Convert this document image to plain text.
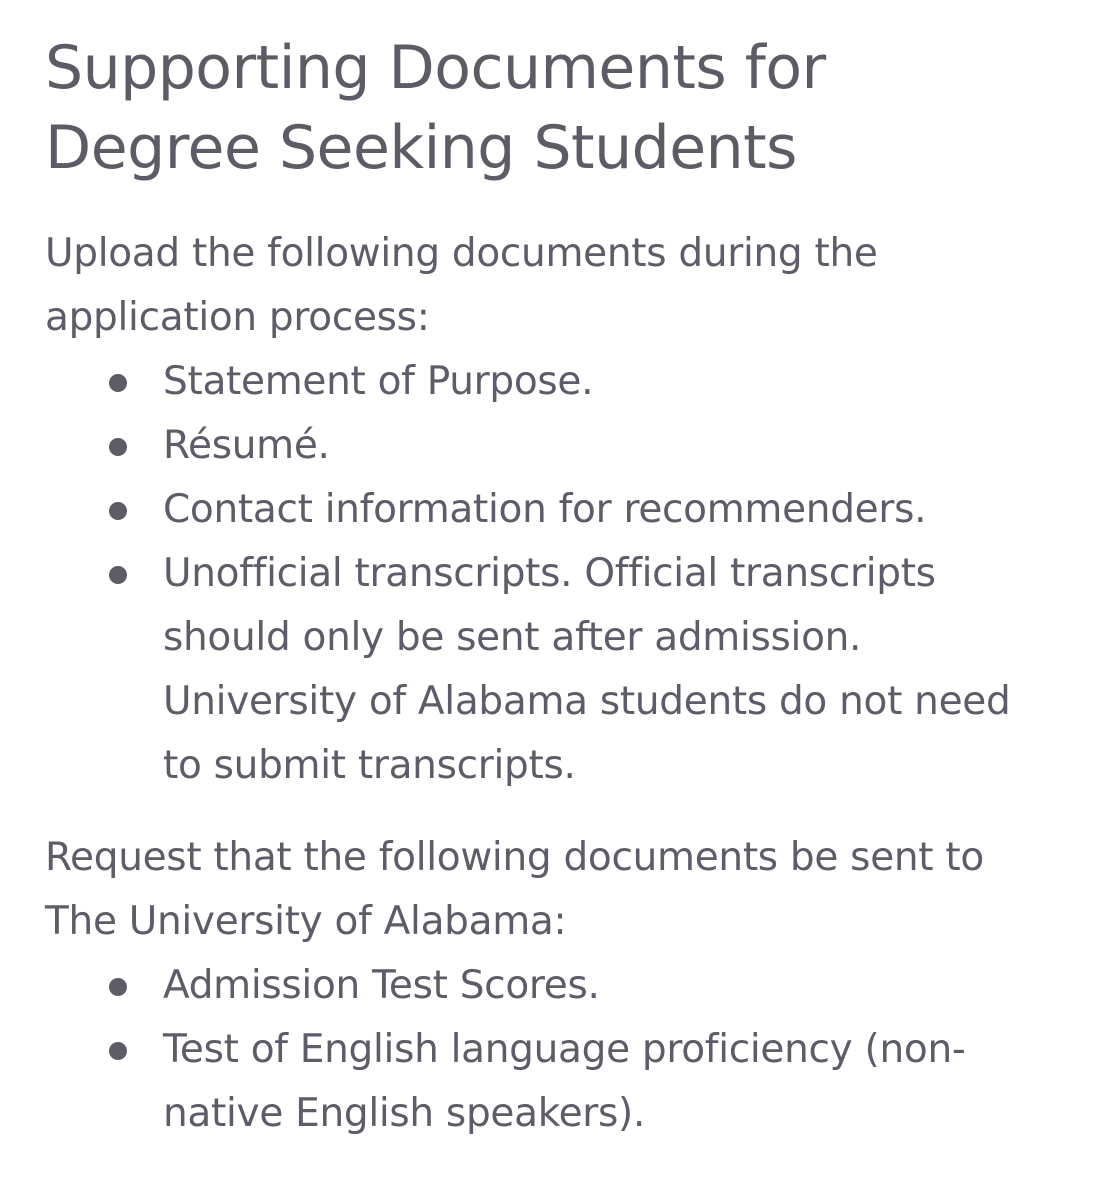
Supporting Documents for Degree Seeking Students

Upload the following documents during the application process:

Statement of Purpose.
Résumé.
Contact information for recommenders.
Unofficial transcripts. Official transcripts should only be sent after admission. University of Alabama students do not need to submit transcripts.

Request that the following documents be sent to The University of Alabama:

Admission Test Scores.
Test of English language proficiency (non-native English speakers).
